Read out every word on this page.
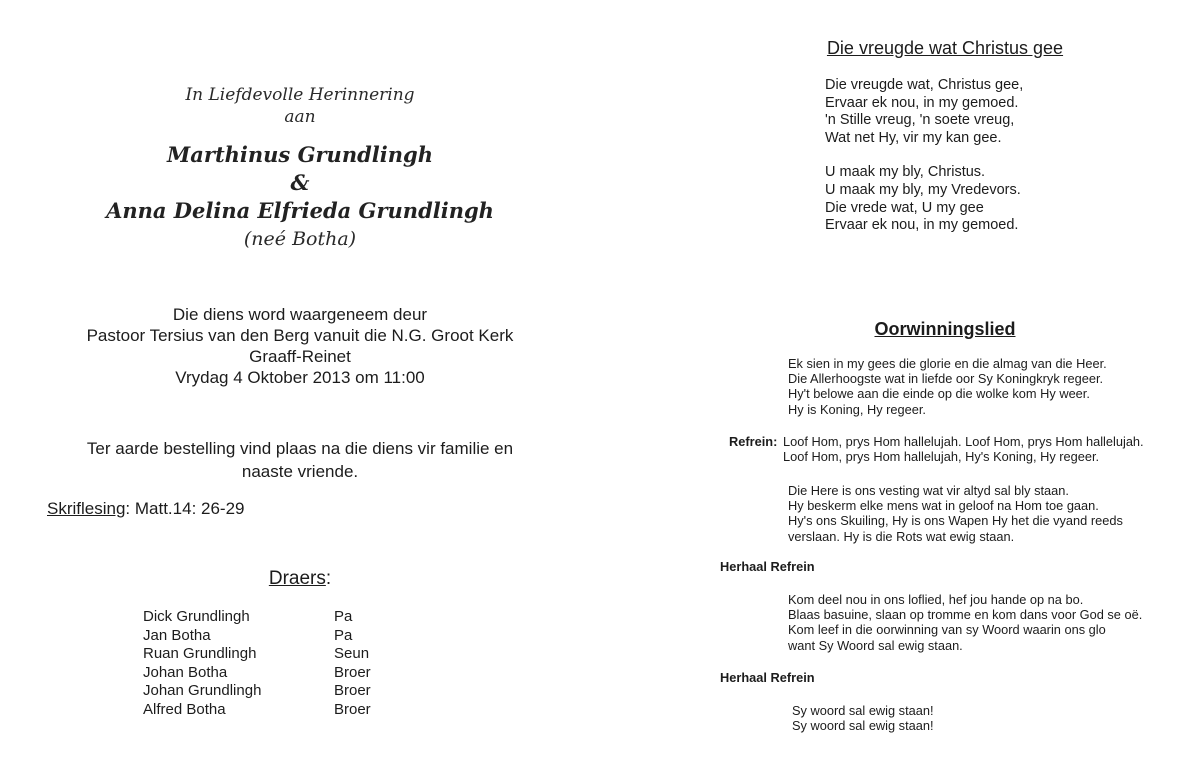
In Liefdevolle Herinnering
aan
Marthinus Grundlingh
&
Anna Delina Elfrieda Grundlingh
(neé Botha)
Die diens word waargeneem deur
Pastoor Tersius van den Berg vanuit die N.G. Groot Kerk
Graaff-Reinet
Vrydag 4 Oktober 2013 om 11:00
Ter aarde bestelling vind plaas na die diens vir familie en
naaste vriende.
Skriflesing: Matt.14: 26-29
Draers:
Dick Grundlingh	Pa
Jan Botha	Pa
Ruan Grundlingh	Seun
Johan Botha	Broer
Johan Grundlingh	Broer
Alfred Botha	Broer
Die vreugde wat Christus gee
Die vreugde wat, Christus gee,
Ervaar ek nou, in my gemoed.
'n Stille vreug, 'n soete vreug,
Wat net Hy, vir my kan gee.
U maak my bly, Christus.
U maak my bly, my Vredevors.
Die vrede wat, U my gee
Ervaar ek nou, in my gemoed.
Oorwinningslied
Ek sien in my gees die glorie en die almag van die Heer.
Die Allerhoogste wat in liefde oor Sy Koningkryk regeer.
Hy't belowe aan die einde op die wolke kom Hy weer.
Hy is Koning, Hy regeer.
Refrein: Loof Hom, prys Hom hallelujah. Loof Hom, prys Hom hallelujah.
Loof Hom, prys Hom hallelujah, Hy's Koning, Hy regeer.
Die Here is ons vesting wat vir altyd sal bly staan.
Hy beskerm elke mens wat in geloof na Hom toe gaan.
Hy's ons Skuiling, Hy is ons Wapen Hy het die vyand reeds
verslaan. Hy is die Rots wat ewig staan.
Herhaal Refrein
Kom deel nou in ons loflied, hef jou hande op na bo.
Blaas basuine, slaan op tromme en kom dans voor God se oë.
Kom leef in die oorwinning van sy Woord waarin ons glo
want Sy Woord sal ewig staan.
Herhaal Refrein
Sy woord sal ewig staan!
Sy woord sal ewig staan!
